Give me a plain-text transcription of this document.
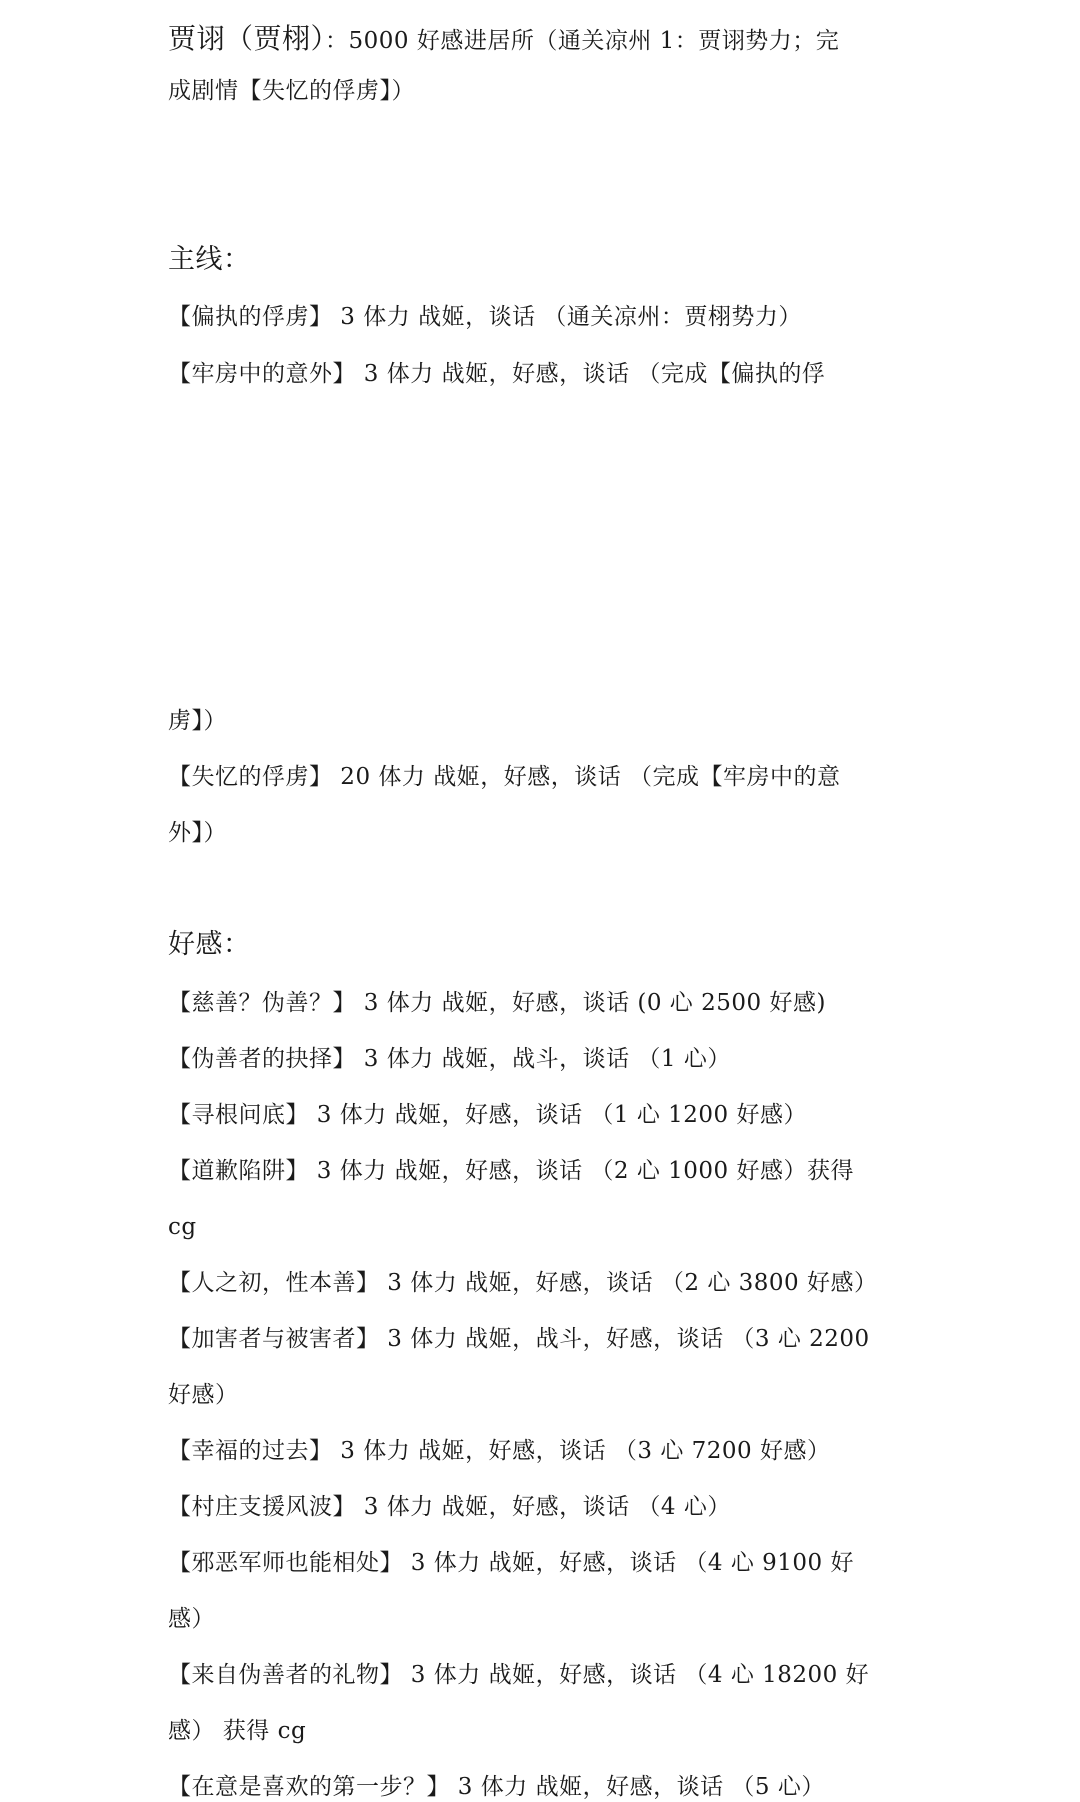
贾诩（贾栩）：5000 好感进居所（通关凉州 1：贾诩势力；完
成剧情【失忆的俘虏】）
主线：
【偏执的俘虏】 3 体力 战姬，谈话 （通关凉州：贾栩势力）
【牢房中的意外】 3 体力 战姬，好感，谈话 （完成【偏执的俘
虏】）
【失忆的俘虏】 20 体力 战姬，好感，谈话 （完成【牢房中的意
外】）
好感：
【慈善？伪善？】 3 体力 战姬，好感，谈话 (0 心 2500 好感)
【伪善者的抉择】 3 体力 战姬，战斗，谈话 （1 心）
【寻根问底】 3 体力 战姬，好感，谈话 （1 心 1200 好感）
【道歉陷阱】 3 体力 战姬，好感，谈话 （2 心 1000 好感）获得
cg
【人之初，性本善】 3 体力 战姬，好感，谈话 （2 心 3800 好感）
【加害者与被害者】 3 体力 战姬，战斗，好感，谈话 （3 心 2200
好感）
【幸福的过去】 3 体力 战姬，好感，谈话 （3 心 7200 好感）
【村庄支援风波】 3 体力 战姬，好感，谈话 （4 心）
【邪恶军师也能相处】 3 体力 战姬，好感，谈话 （4 心 9100 好
感）
【来自伪善者的礼物】 3 体力 战姬，好感，谈话 （4 心 18200 好
感） 获得 cg
【在意是喜欢的第一步？】 3 体力 战姬，好感，谈话 （5 心）
